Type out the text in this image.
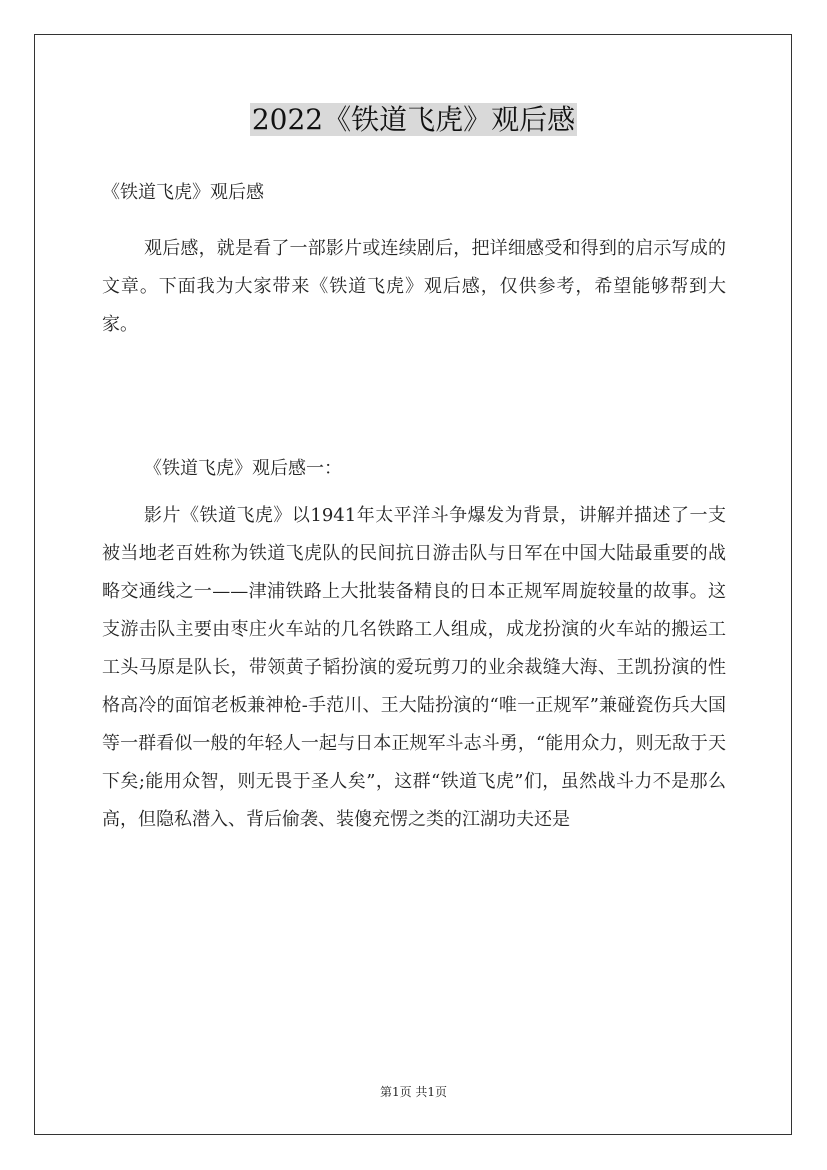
2022《铁道飞虎》观后感
《铁道飞虎》观后感

观后感，就是看了一部影片或连续剧后，把详细感受和得到的启示写成的文章。下面我为大家带来《铁道飞虎》观后感，仅供参考，希望能够帮到大家。

《铁道飞虎》观后感一：

影片《铁道飞虎》以1941年太平洋斗争爆发为背景，讲解并描述了一支被当地老百姓称为铁道飞虎队的民间抗日游击队与日军在中国大陆最重要的战略交通线之一——津浦铁路上大批装备精良的日本正规军周旋较量的故事。这支游击队主要由枣庄火车站的几名铁路工人组成，成龙扮演的火车站的搬运工工头马原是队长，带领黄子韬扮演的爱玩剪刀的业余裁缝大海、王凯扮演的性格高冷的面馆老板兼神枪-手范川、王大陆扮演的“唯一正规军”兼碰瓷伤兵大国等一群看似一般的年轻人一起与日本正规军斗志斗勇，“能用众力，则无敌于天下矣;能用众智，则无畏于圣人矣”，这群“铁道飞虎”们，虽然战斗力不是那么高，但隐私潜入、背后偷袭、装傻充愣之类的江湖功夫还是

第1页 共1页
